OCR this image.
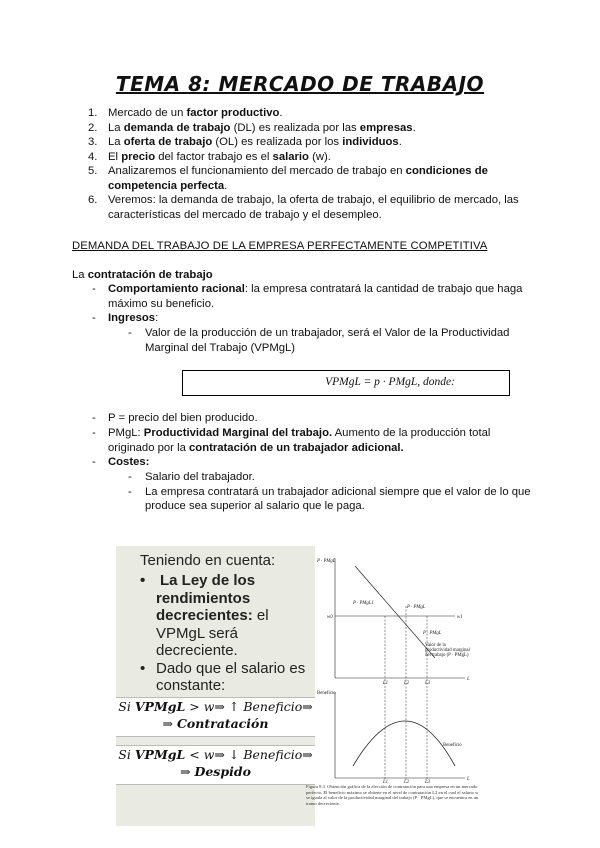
TEMA 8: MERCADO DE TRABAJO
1. Mercado de un factor productivo.
2. La demanda de trabajo (DL) es realizada por las empresas.
3. La oferta de trabajo (OL) es realizada por los individuos.
4. El precio del factor trabajo es el salario (w).
5. Analizaremos el funcionamiento del mercado de trabajo en condiciones de
competencia perfecta.
6. Veremos: la demanda de trabajo, la oferta de trabajo, el equilibrio de mercado, las
características del mercado de trabajo y el desempleo.
DEMANDA DEL TRABAJO DE LA EMPRESA PERFECTAMENTE COMPETITIVA
La contratación de trabajo
- Comportamiento racional: la empresa contratará la cantidad de trabajo que haga
máximo su beneficio.
- Ingresos:
- Valor de la producción de un trabajador, será el Valor de la Productividad
Marginal del Trabajo (VPMgL)
VPMgL = p · PMgL, donde:
- P = precio del bien producido.
- PMgL: Productividad Marginal del trabajo. Aumento de la producción total
originado por la contratación de un trabajador adicional.
- Costes:
- Salario del trabajador.
- La empresa contratará un trabajador adicional siempre que el valor de lo que
produce sea superior al salario que le paga.
Teniendo en cuenta:
• La Ley de los
rendimientos
decrecientes: el
VPMgL será
decreciente.
• Dado que el salario es
constante:
Si VPMgL > w⇒ ↑ Beneficio⇒
⇒ Contratación
Si VPMgL < w⇒ ↓ Beneficio⇒
⇒ Despido
P · PMgL
w0	w1
P · PMgL1
P · PMgL
P · PMgL
Valor de la
productividad marginal
del trabajo (P · PMgL)
L1	L2	L3
L
Beneficio
Beneficio
L1	L2	L3
L
Figura 8.3. Obtención gráfica de la elección de contratación para una empresa en un mercado perfecto. El beneficio máximo se obtiene en el nivel de contratación L2 en el cual el salario w se iguala al valor de la productividad marginal del trabajo (P · PMgL), que se encuentra en un tramo decreciente.
